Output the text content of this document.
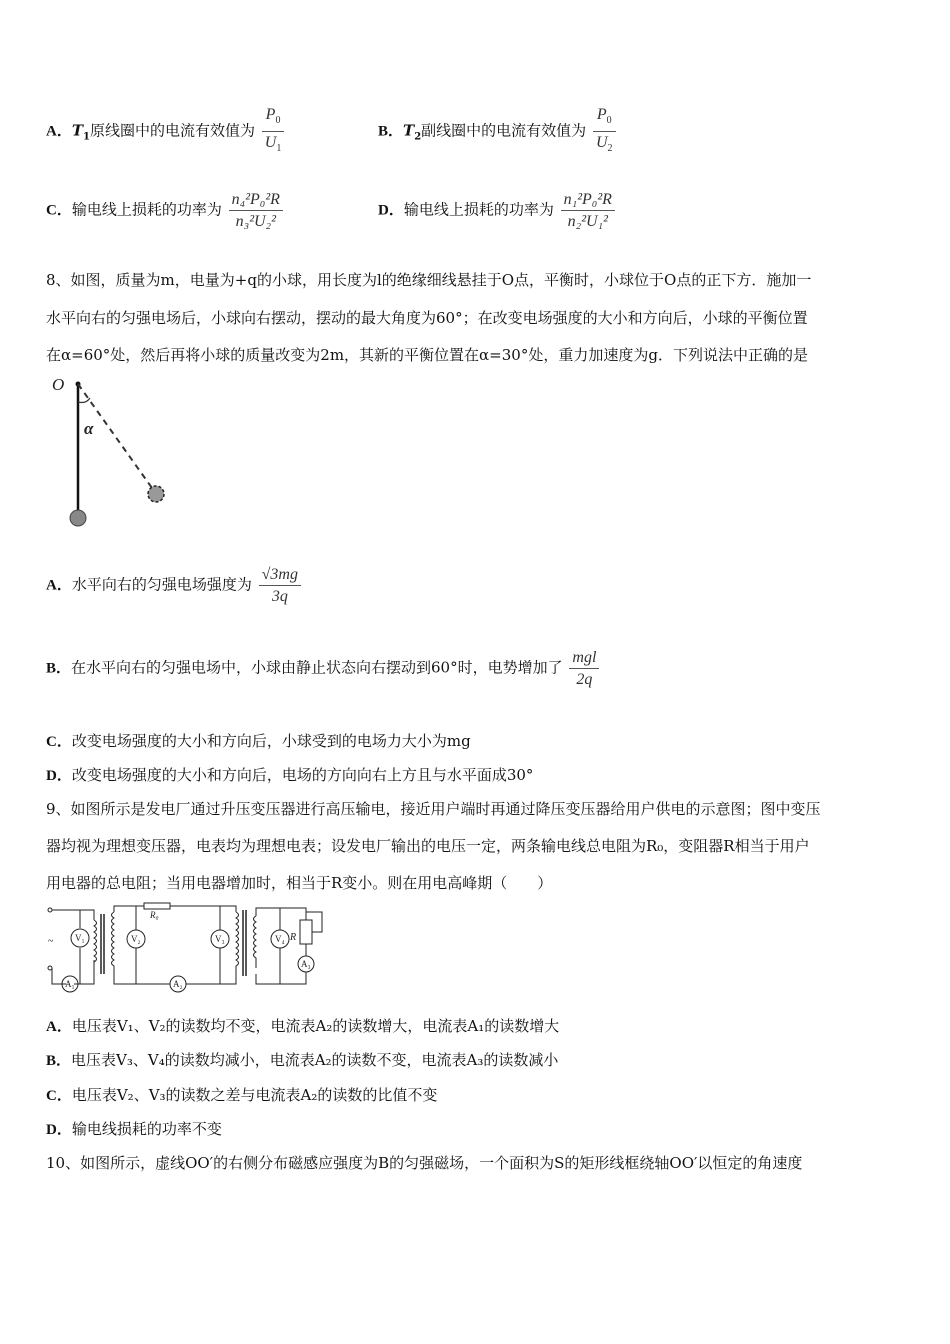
A．$T_1$原线圈中的电流有效值为 $\frac{P_0}{U_1}$	B．$T_2$副线圈中的电流有效值为 $\frac{P_0}{U_2}$
C．输电线上损耗的功率为 $\frac{\text{n₄²P₀²R}}{\text{n₃²U₂²}}$	D．输电线上损耗的功率为 $\frac{\text{n₁²P₀²R}}{\text{n₂²U₁²}}$
8、如图，质量为m，电量为+q的小球，用长度为l的绝缘细线悬挂于O点，平衡时，小球位于O点的正下方．施加一
水平向右的匀强电场后，小球向右摆动，摆动的最大角度为60°；在改变电场强度的大小和方向后，小球的平衡位置
在α=60°处，然后再将小球的质量改变为2m，其新的平衡位置在α=30°处，重力加速度为g．下列说法中正确的是
O
α
A．水平向右的匀强电场强度为 $\frac{√3mg}{3q}$
B．在水平向右的匀强电场中，小球由静止状态向右摆动到60°时，电势增加了 $\frac{\text{mgl}}{2q}$
C．改变电场强度的大小和方向后，小球受到的电场力大小为mg
D．改变电场强度的大小和方向后，电场的方向向右上方且与水平面成30°
9、如图所示是发电厂通过升压变压器进行高压输电，接近用户端时再通过降压变压器给用户供电的示意图；图中变压
器均视为理想变压器，电表均为理想电表；设发电厂输出的电压一定，两条输电线总电阻为R₀，变阻器R相当于用户
用电器的总电阻；当用电器增加时，相当于R变小。则在用电高峰期（　　）
~ V₁
A₁
R₀
A₂
V₂	V₃	V₄ R
A₃
A．电压表V₁、V₂的读数均不变，电流表A₂的读数增大，电流表A₁的读数增大
B．电压表V₃、V₄的读数均减小，电流表A₂的读数不变，电流表A₃的读数减小
C．电压表V₂、V₃的读数之差与电流表A₂的读数的比值不变
D．输电线损耗的功率不变
10、如图所示，虚线OO′的右侧分布磁感应强度为B的匀强磁场，一个面积为S的矩形线框绕轴OO′以恒定的角速度
